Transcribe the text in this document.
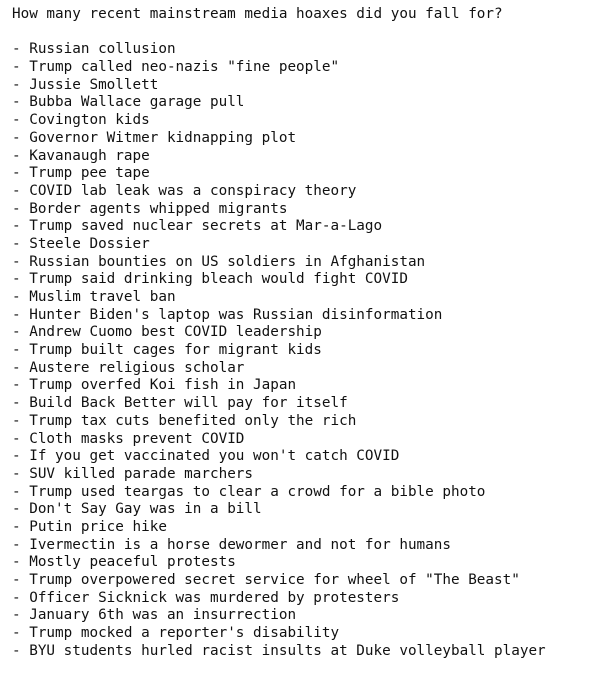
How many recent mainstream media hoaxes did you fall for?
- Russian collusion
- Trump called neo-nazis "fine people"
- Jussie Smollett
- Bubba Wallace garage pull
- Covington kids
- Governor Witmer kidnapping plot
- Kavanaugh rape
- Trump pee tape
- COVID lab leak was a conspiracy theory
- Border agents whipped migrants
- Trump saved nuclear secrets at Mar-a-Lago
- Steele Dossier
- Russian bounties on US soldiers in Afghanistan
- Trump said drinking bleach would fight COVID
- Muslim travel ban
- Hunter Biden's laptop was Russian disinformation
- Andrew Cuomo best COVID leadership
- Trump built cages for migrant kids
- Austere religious scholar
- Trump overfed Koi fish in Japan
- Build Back Better will pay for itself
- Trump tax cuts benefited only the rich
- Cloth masks prevent COVID
- If you get vaccinated you won't catch COVID
- SUV killed parade marchers
- Trump used teargas to clear a crowd for a bible photo
- Don't Say Gay was in a bill
- Putin price hike
- Ivermectin is a horse dewormer and not for humans
- Mostly peaceful protests
- Trump overpowered secret service for wheel of "The Beast"
- Officer Sicknick was murdered by protesters
- January 6th was an insurrection
- Trump mocked a reporter's disability
- BYU students hurled racist insults at Duke volleyball player
